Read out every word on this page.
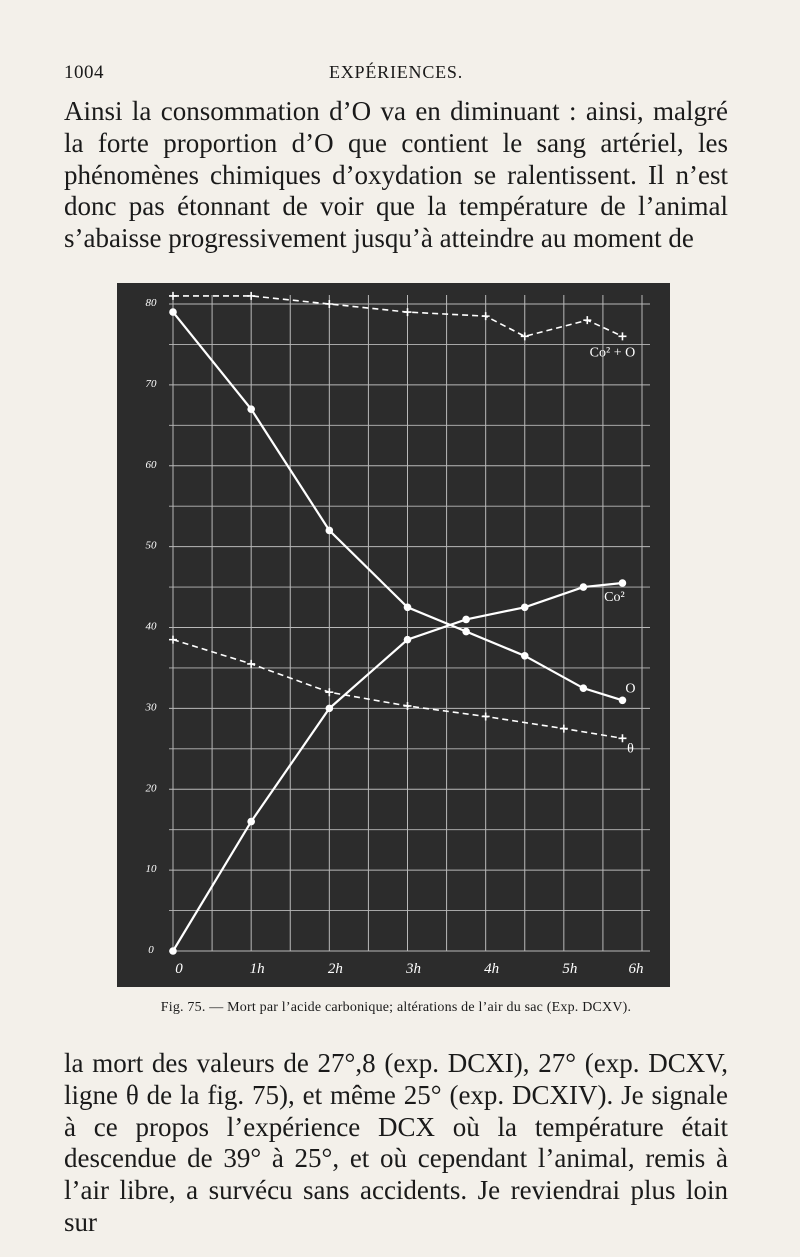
1004	EXPÉRIENCES.

Ainsi la consommation d’O va en diminuant : ainsi, malgré la forte proportion d’O que contient le sang artériel, les phénomènes chimiques d’oxydation se ralentissent. Il n’est donc pas étonnant de voir que la température de l’animal s’abaisse progressivement jusqu’à atteindre au moment de

0
10
20
30
40
50
60
70
80
0	1h	2h	3h	4h	5h	6h
Co² + O
Co²
O
θ
Fig. 75. — Mort par l’acide carbonique; altérations de l’air du sac (Exp. DCXV).

la mort des valeurs de 27°,8 (exp. DCXI), 27° (exp. DCXV, ligne θ de la fig. 75), et même 25° (exp. DCXIV). Je signale à ce propos l’expérience DCX où la température était descendue de 39° à 25°, et où cependant l’animal, remis à l’air libre, a survécu sans accidents. Je reviendrai plus loin sur
